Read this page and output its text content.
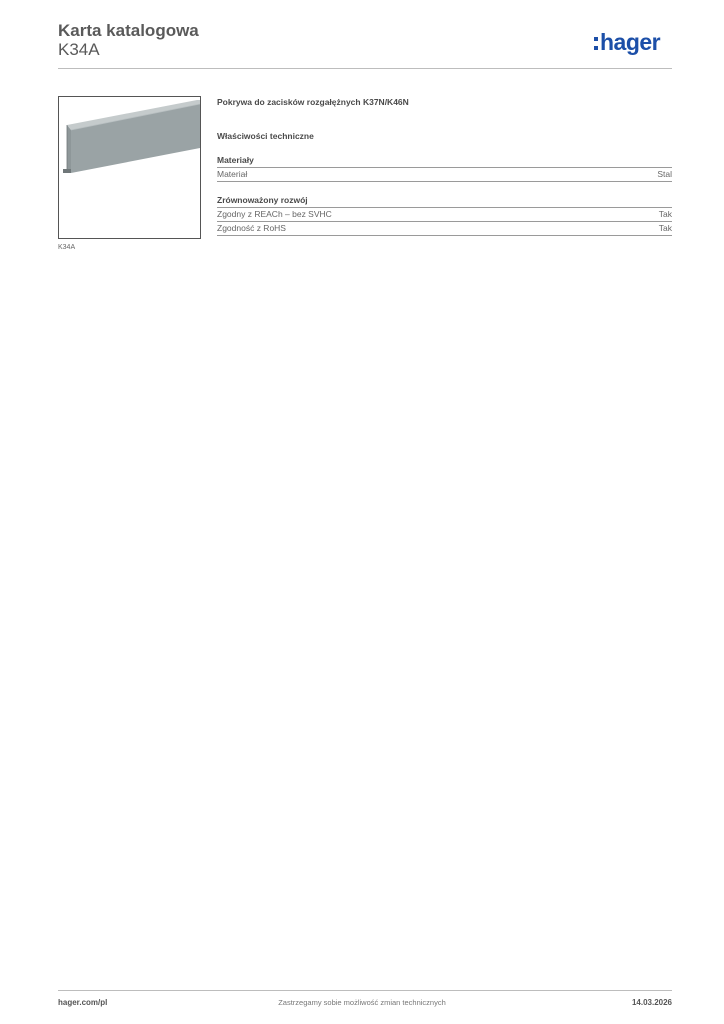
Karta katalogowa
K34A	hager
K34A

Pokrywa do zacisków rozgałężnych K37N/K46N

Właściwości techniczne

Materiały
Materiał	Stal
Zrównoważony rozwój
Zgodny z REACh – bez SVHC	Tak
Zgodność z RoHS	Tak
hager.com/pl	Zastrzegamy sobie możliwość zmian technicznych	14.03.2026
